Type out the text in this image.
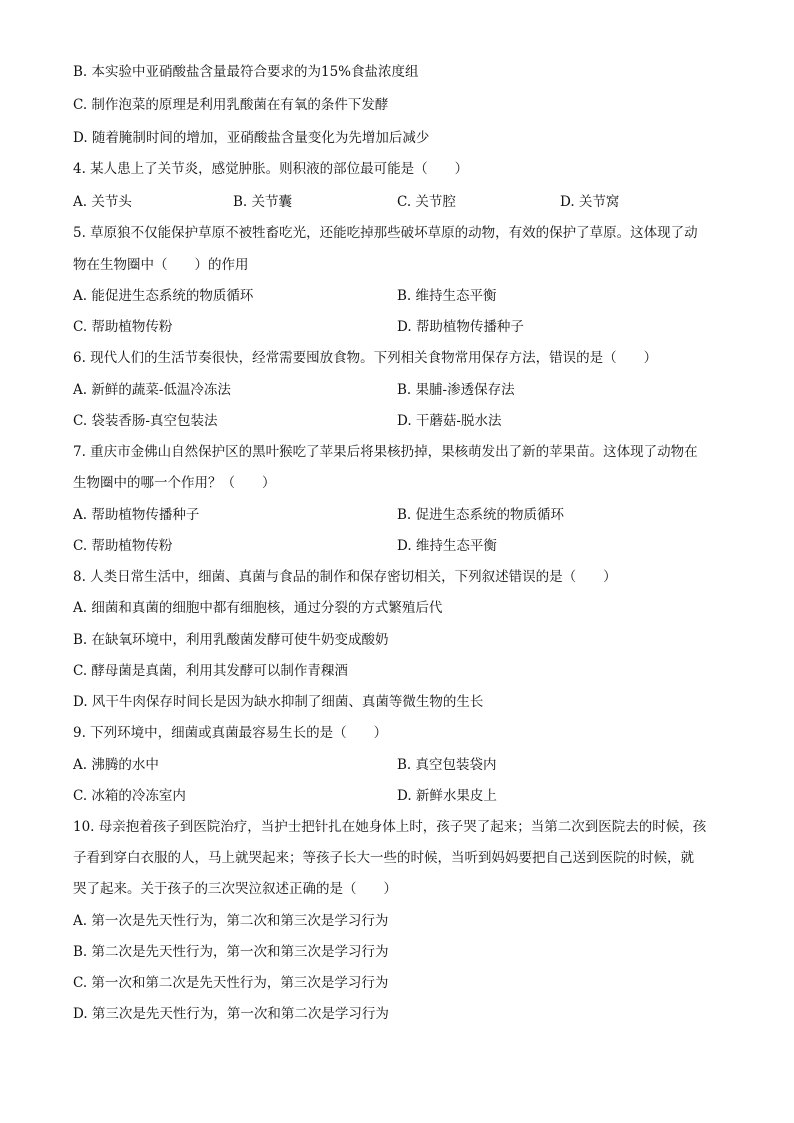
B. 本实验中亚硝酸盐含量最符合要求的为15%食盐浓度组
C. 制作泡菜的原理是利用乳酸菌在有氧的条件下发酵
D. 随着腌制时间的增加，亚硝酸盐含量变化为先增加后减少
4. 某人患上了关节炎，感觉肿胀。则积液的部位最可能是（　　）
A. 关节头	B. 关节囊	C. 关节腔	D. 关节窝
5. 草原狼不仅能保护草原不被牲畜吃光，还能吃掉那些破坏草原的动物，有效的保护了草原。这体现了动
物在生物圈中（　　）的作用
A. 能促进生态系统的物质循环	B. 维持生态平衡
C. 帮助植物传粉	D. 帮助植物传播种子
6. 现代人们的生活节奏很快，经常需要囤放食物。下列相关食物常用保存方法，错误的是（　　）
A. 新鲜的蔬菜-低温冷冻法	B. 果脯-渗透保存法
C. 袋装香肠-真空包装法	D. 干蘑菇-脱水法
7. 重庆市金佛山自然保护区的黑叶猴吃了苹果后将果核扔掉，果核萌发出了新的苹果苗。这体现了动物在
生物圈中的哪一个作用？（　　）
A. 帮助植物传播种子	B. 促进生态系统的物质循环
C. 帮助植物传粉	D. 维持生态平衡
8. 人类日常生活中，细菌、真菌与食品的制作和保存密切相关，下列叙述错误的是（　　）
A. 细菌和真菌的细胞中都有细胞核，通过分裂的方式繁殖后代
B. 在缺氧环境中，利用乳酸菌发酵可使牛奶变成酸奶
C. 酵母菌是真菌，利用其发酵可以制作青稞酒
D. 风干牛肉保存时间长是因为缺水抑制了细菌、真菌等微生物的生长
9. 下列环境中，细菌或真菌最容易生长的是（　　）
A. 沸腾的水中	B. 真空包装袋内
C. 冰箱的冷冻室内	D. 新鲜水果皮上
10. 母亲抱着孩子到医院治疗，当护士把针扎在她身体上时，孩子哭了起来；当第二次到医院去的时候，孩
子看到穿白衣服的人，马上就哭起来；等孩子长大一些的时候，当听到妈妈要把自己送到医院的时候，就
哭了起来。关于孩子的三次哭泣叙述正确的是（　　）
A. 第一次是先天性行为，第二次和第三次是学习行为
B. 第二次是先天性行为，第一次和第三次是学习行为
C. 第一次和第二次是先天性行为，第三次是学习行为
D. 第三次是先天性行为，第一次和第二次是学习行为
